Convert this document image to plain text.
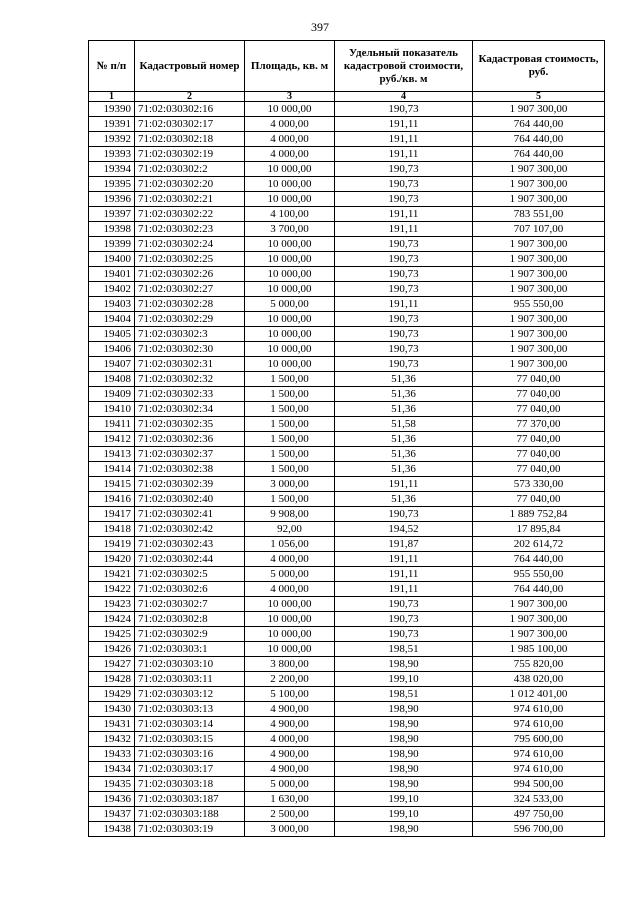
397
№ п/п	Кадастровый номер	Площадь, кв. м	Удельный показатель кадастровой стоимости, руб./кв. м	Кадастровая стоимость, руб.
1	2	3	4	5
19390	71:02:030302:16	10 000,00	190,73	1 907 300,00
19391	71:02:030302:17	4 000,00	191,11	764 440,00
19392	71:02:030302:18	4 000,00	191,11	764 440,00
19393	71:02:030302:19	4 000,00	191,11	764 440,00
19394	71:02:030302:2	10 000,00	190,73	1 907 300,00
19395	71:02:030302:20	10 000,00	190,73	1 907 300,00
19396	71:02:030302:21	10 000,00	190,73	1 907 300,00
19397	71:02:030302:22	4 100,00	191,11	783 551,00
19398	71:02:030302:23	3 700,00	191,11	707 107,00
19399	71:02:030302:24	10 000,00	190,73	1 907 300,00
19400	71:02:030302:25	10 000,00	190,73	1 907 300,00
19401	71:02:030302:26	10 000,00	190,73	1 907 300,00
19402	71:02:030302:27	10 000,00	190,73	1 907 300,00
19403	71:02:030302:28	5 000,00	191,11	955 550,00
19404	71:02:030302:29	10 000,00	190,73	1 907 300,00
19405	71:02:030302:3	10 000,00	190,73	1 907 300,00
19406	71:02:030302:30	10 000,00	190,73	1 907 300,00
19407	71:02:030302:31	10 000,00	190,73	1 907 300,00
19408	71:02:030302:32	1 500,00	51,36	77 040,00
19409	71:02:030302:33	1 500,00	51,36	77 040,00
19410	71:02:030302:34	1 500,00	51,36	77 040,00
19411	71:02:030302:35	1 500,00	51,58	77 370,00
19412	71:02:030302:36	1 500,00	51,36	77 040,00
19413	71:02:030302:37	1 500,00	51,36	77 040,00
19414	71:02:030302:38	1 500,00	51,36	77 040,00
19415	71:02:030302:39	3 000,00	191,11	573 330,00
19416	71:02:030302:40	1 500,00	51,36	77 040,00
19417	71:02:030302:41	9 908,00	190,73	1 889 752,84
19418	71:02:030302:42	92,00	194,52	17 895,84
19419	71:02:030302:43	1 056,00	191,87	202 614,72
19420	71:02:030302:44	4 000,00	191,11	764 440,00
19421	71:02:030302:5	5 000,00	191,11	955 550,00
19422	71:02:030302:6	4 000,00	191,11	764 440,00
19423	71:02:030302:7	10 000,00	190,73	1 907 300,00
19424	71:02:030302:8	10 000,00	190,73	1 907 300,00
19425	71:02:030302:9	10 000,00	190,73	1 907 300,00
19426	71:02:030303:1	10 000,00	198,51	1 985 100,00
19427	71:02:030303:10	3 800,00	198,90	755 820,00
19428	71:02:030303:11	2 200,00	199,10	438 020,00
19429	71:02:030303:12	5 100,00	198,51	1 012 401,00
19430	71:02:030303:13	4 900,00	198,90	974 610,00
19431	71:02:030303:14	4 900,00	198,90	974 610,00
19432	71:02:030303:15	4 000,00	198,90	795 600,00
19433	71:02:030303:16	4 900,00	198,90	974 610,00
19434	71:02:030303:17	4 900,00	198,90	974 610,00
19435	71:02:030303:18	5 000,00	198,90	994 500,00
19436	71:02:030303:187	1 630,00	199,10	324 533,00
19437	71:02:030303:188	2 500,00	199,10	497 750,00
19438	71:02:030303:19	3 000,00	198,90	596 700,00
